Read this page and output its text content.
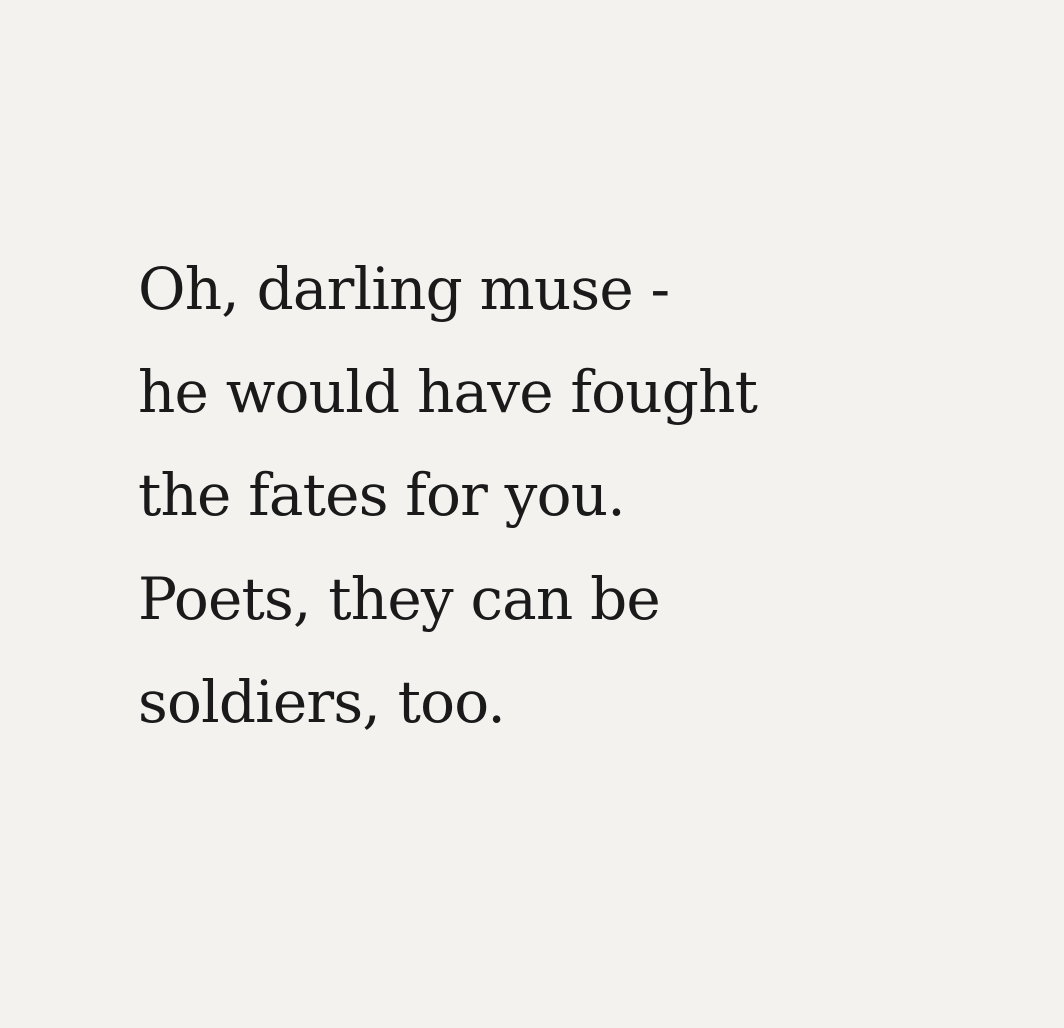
Oh, darling muse -
he would have fought
the fates for you.
Poets, they can be
soldiers, too.
